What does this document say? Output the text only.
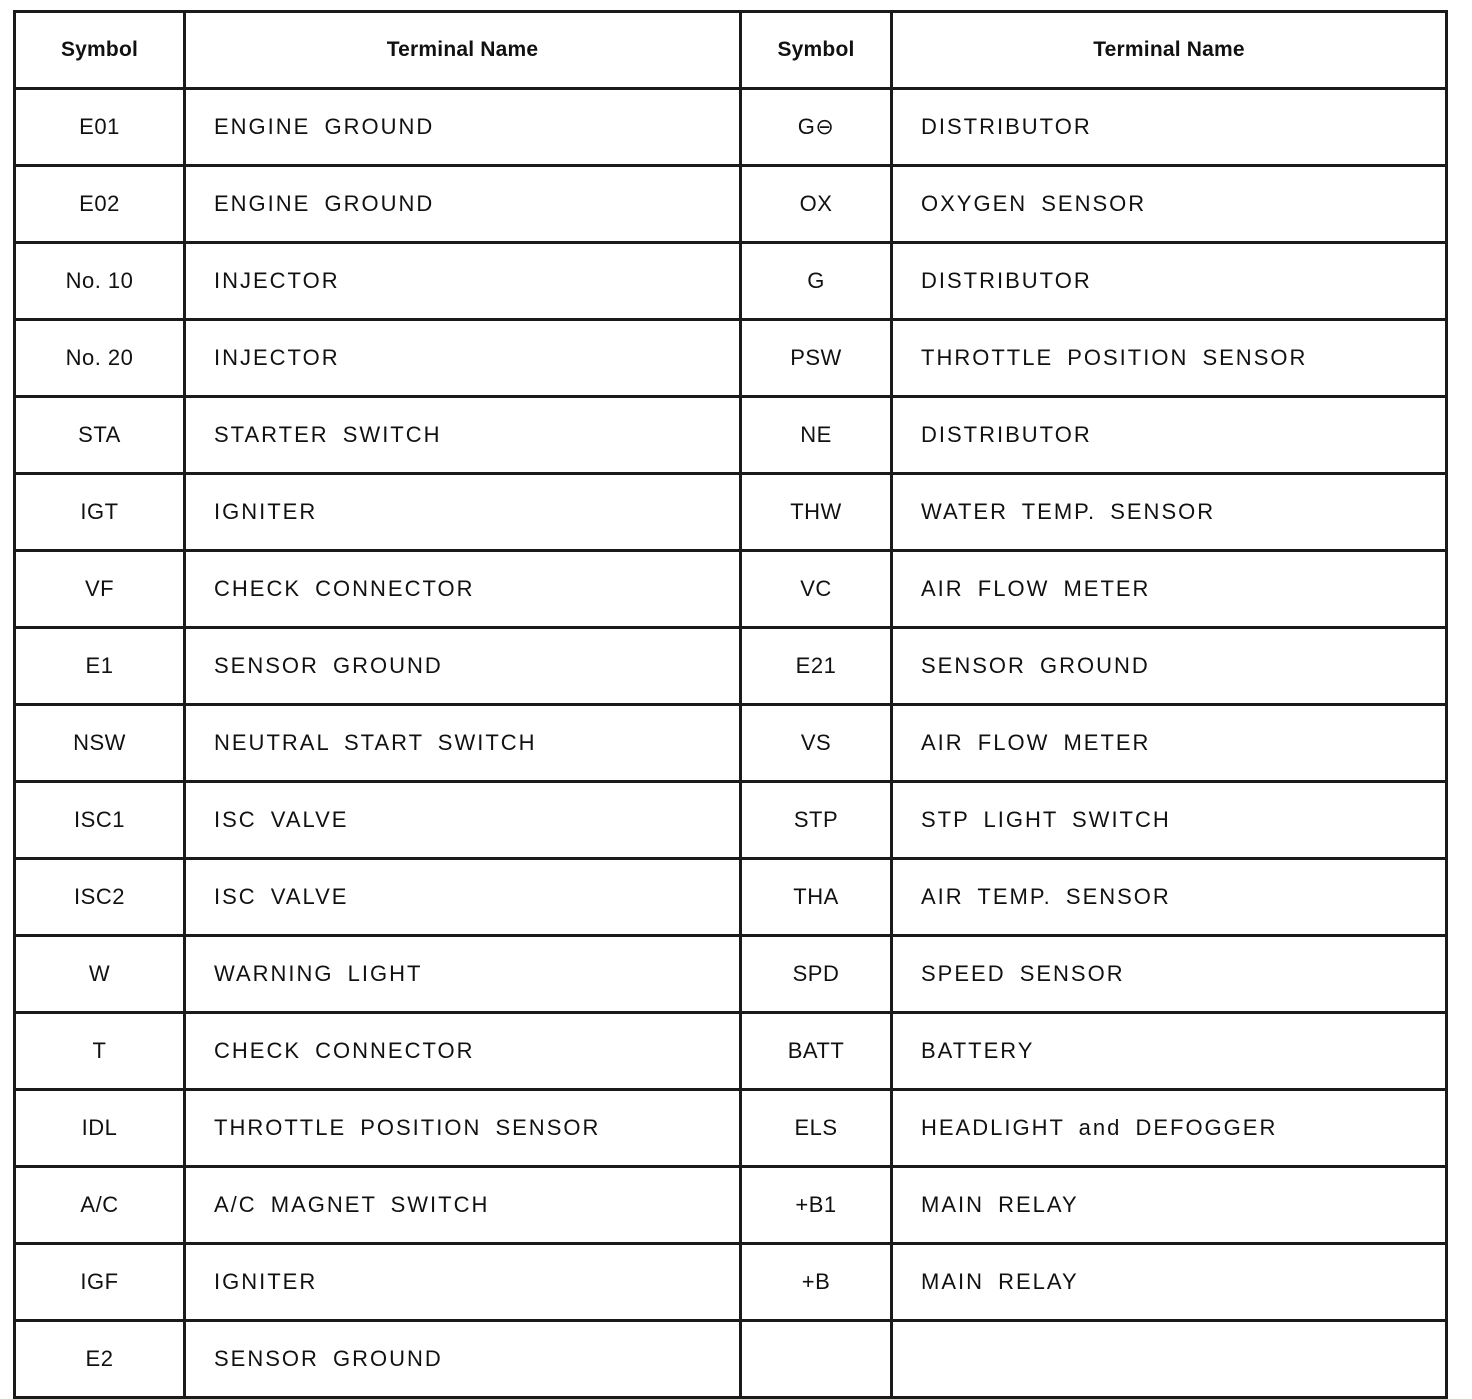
Symbol	Terminal Name	Symbol	Terminal Name
E01	ENGINE GROUND	G⊖	DISTRIBUTOR
E02	ENGINE GROUND	OX	OXYGEN SENSOR
No. 10	INJECTOR	G	DISTRIBUTOR
No. 20	INJECTOR	PSW	THROTTLE POSITION SENSOR
STA	STARTER SWITCH	NE	DISTRIBUTOR
IGT	IGNITER	THW	WATER TEMP. SENSOR
VF	CHECK CONNECTOR	VC	AIR FLOW METER
E1	SENSOR GROUND	E21	SENSOR GROUND
NSW	NEUTRAL START SWITCH	VS	AIR FLOW METER
ISC1	ISC VALVE	STP	STP LIGHT SWITCH
ISC2	ISC VALVE	THA	AIR TEMP. SENSOR
W	WARNING LIGHT	SPD	SPEED SENSOR
T	CHECK CONNECTOR	BATT	BATTERY
IDL	THROTTLE POSITION SENSOR	ELS	HEADLIGHT and DEFOGGER
A/C	A/C MAGNET SWITCH	+B1	MAIN RELAY
IGF	IGNITER	+B	MAIN RELAY
E2	SENSOR GROUND		
